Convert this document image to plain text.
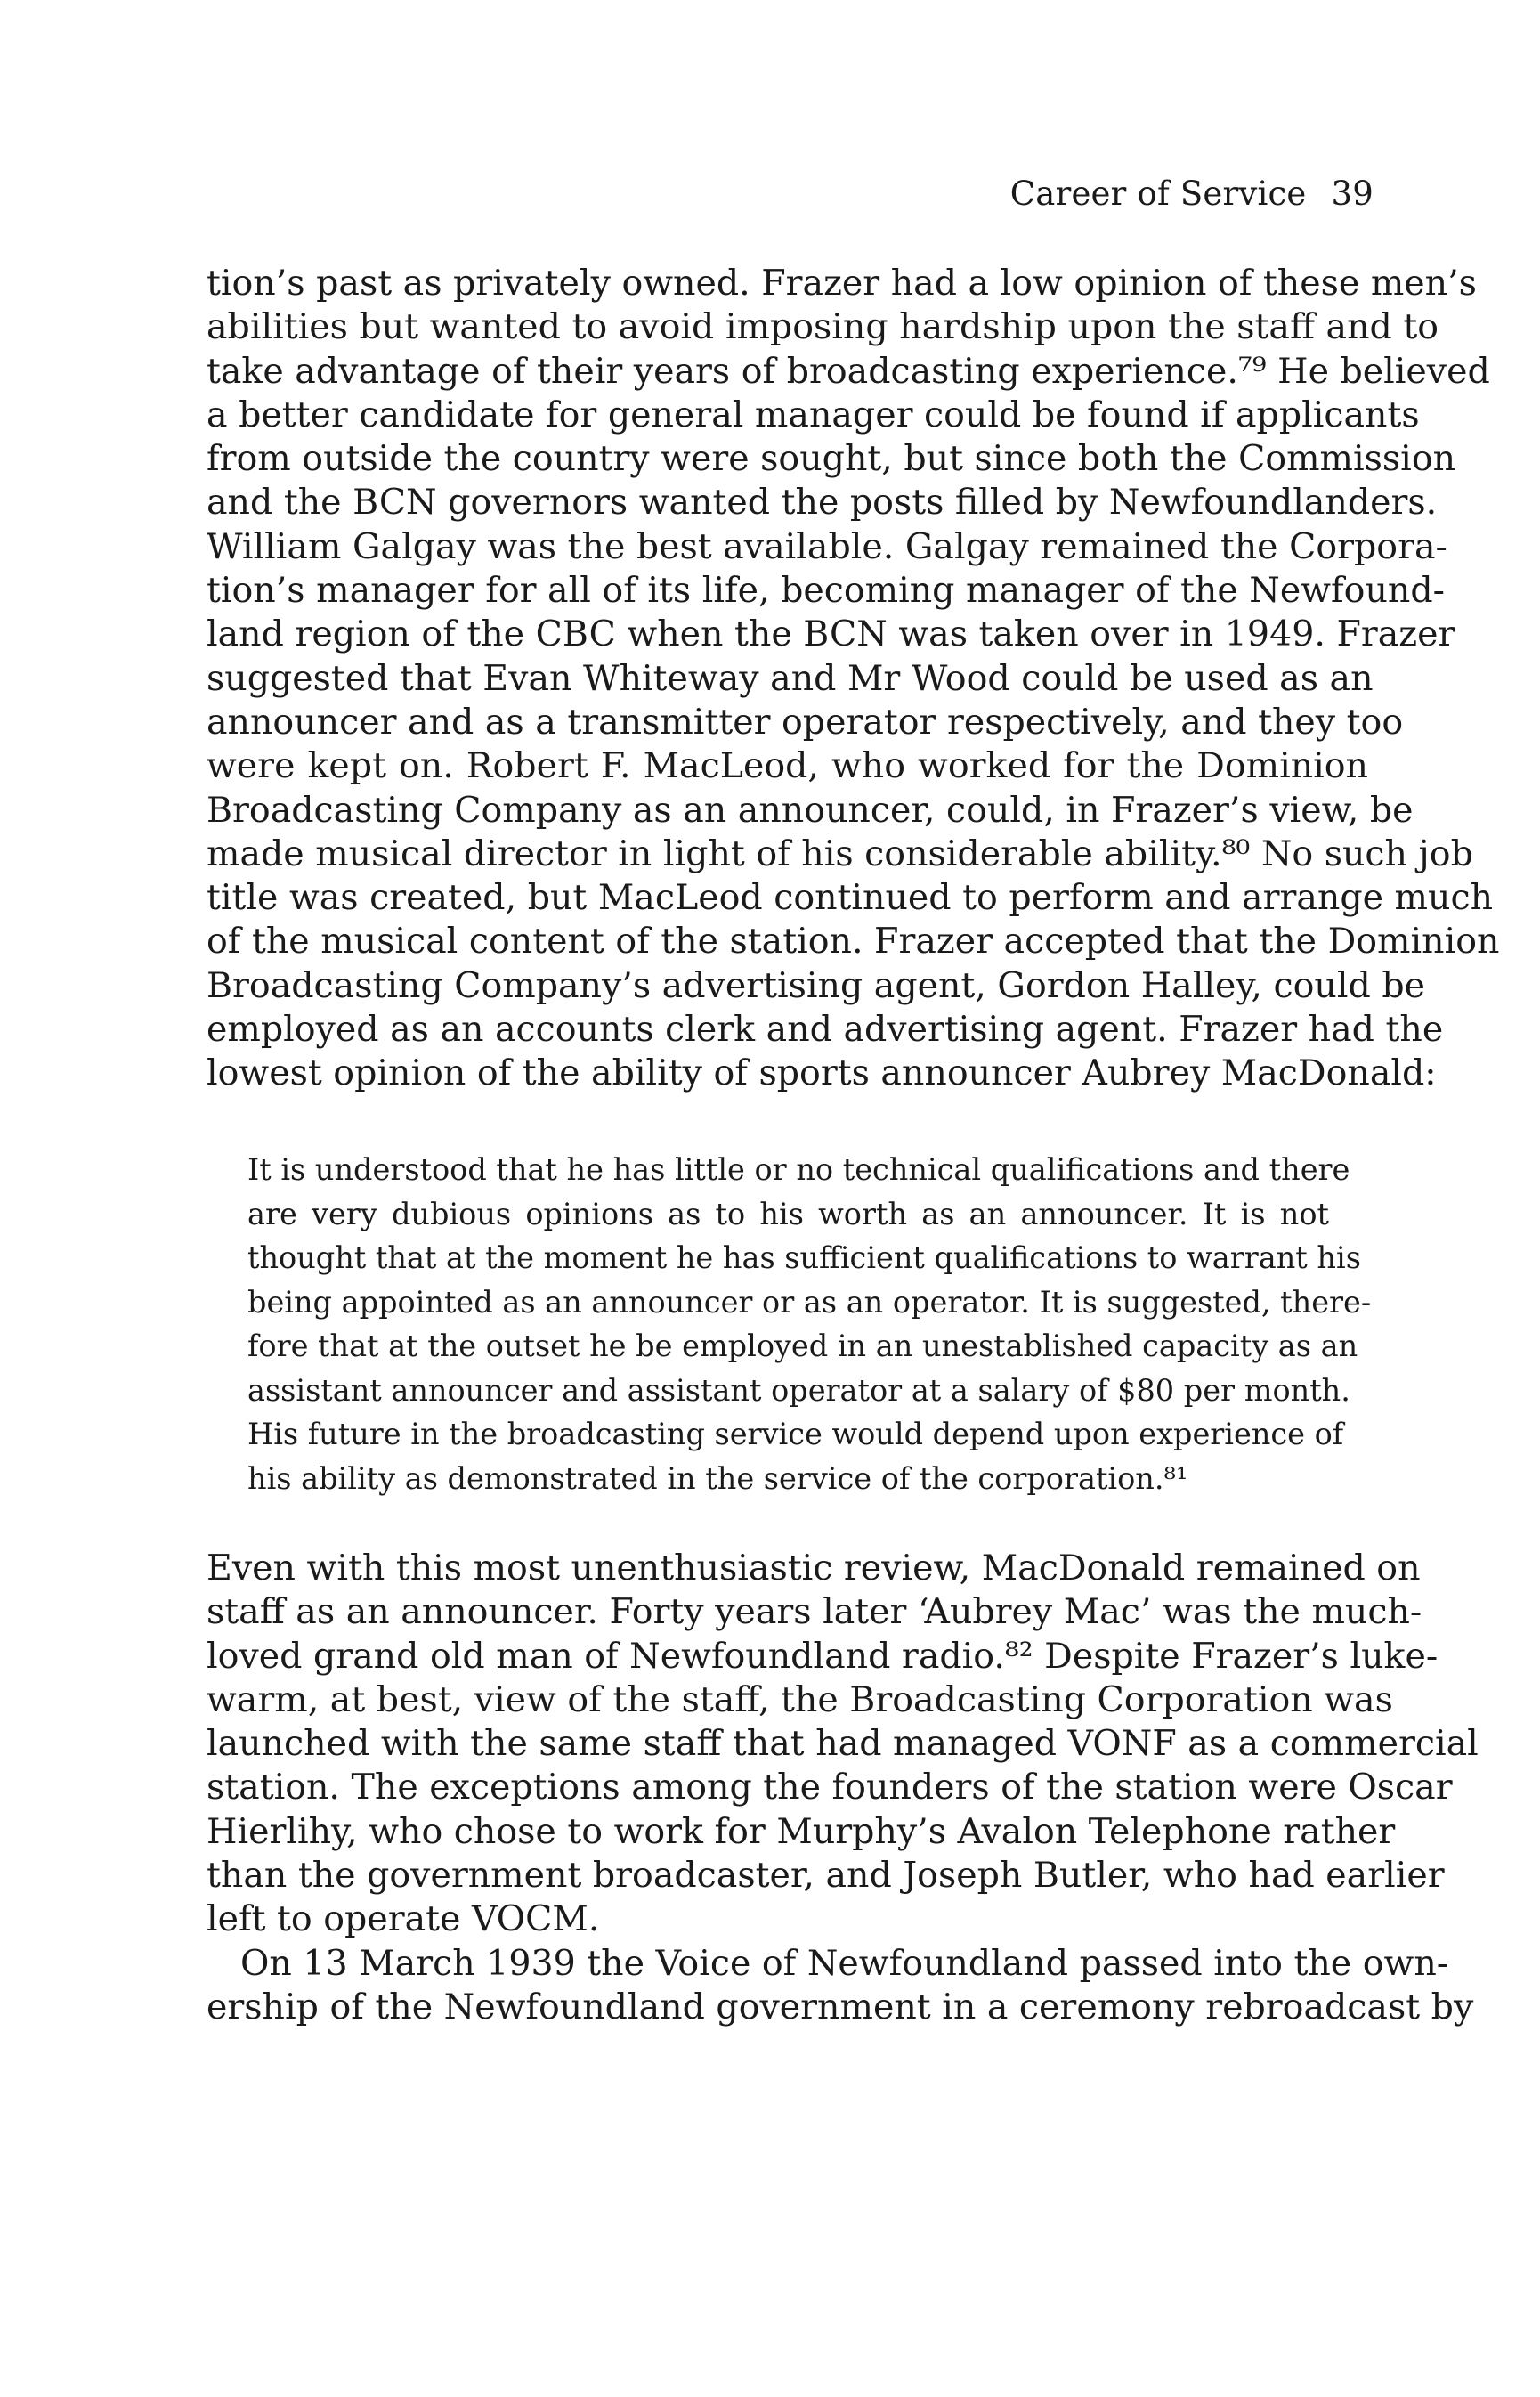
Career of Service 39
tion’s past as privately owned. Frazer had a low opinion of these men’s
abilities but wanted to avoid imposing hardship upon the staff and to
take advantage of their years of broadcasting experience.⁷⁹ He believed
a better candidate for general manager could be found if applicants
from outside the country were sought, but since both the Commission
and the BCN governors wanted the posts filled by Newfoundlanders.
William Galgay was the best available. Galgay remained the Corpora-
tion’s manager for all of its life, becoming manager of the Newfound-
land region of the CBC when the BCN was taken over in 1949. Frazer
suggested that Evan Whiteway and Mr Wood could be used as an
announcer and as a transmitter operator respectively, and they too
were kept on. Robert F. MacLeod, who worked for the Dominion
Broadcasting Company as an announcer, could, in Frazer’s view, be
made musical director in light of his considerable ability.⁸⁰ No such job
title was created, but MacLeod continued to perform and arrange much
of the musical content of the station. Frazer accepted that the Dominion
Broadcasting Company’s advertising agent, Gordon Halley, could be
employed as an accounts clerk and advertising agent. Frazer had the
lowest opinion of the ability of sports announcer Aubrey MacDonald:
It is understood that he has little or no technical qualifications and there
are very dubious opinions as to his worth as an announcer. It is not
thought that at the moment he has sufficient qualifications to warrant his
being appointed as an announcer or as an operator. It is suggested, there-
fore that at the outset he be employed in an unestablished capacity as an
assistant announcer and assistant operator at a salary of $80 per month.
His future in the broadcasting service would depend upon experience of
his ability as demonstrated in the service of the corporation.⁸¹
Even with this most unenthusiastic review, MacDonald remained on
staff as an announcer. Forty years later ‘Aubrey Mac’ was the much-
loved grand old man of Newfoundland radio.⁸² Despite Frazer’s luke-
warm, at best, view of the staff, the Broadcasting Corporation was
launched with the same staff that had managed VONF as a commercial
station. The exceptions among the founders of the station were Oscar
Hierlihy, who chose to work for Murphy’s Avalon Telephone rather
than the government broadcaster, and Joseph Butler, who had earlier
left to operate VOCM.
On 13 March 1939 the Voice of Newfoundland passed into the own-
ership of the Newfoundland government in a ceremony rebroadcast by
